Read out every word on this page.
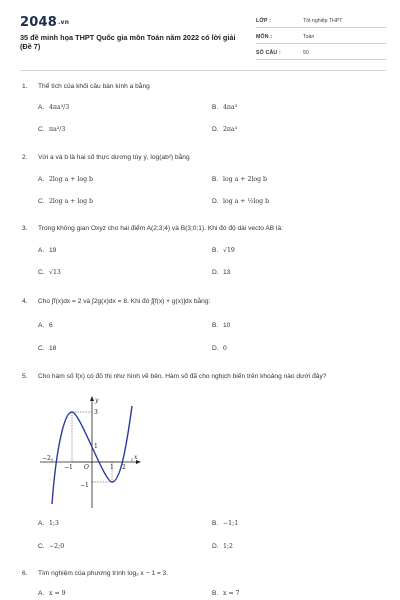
2048.vn
35 đề minh họa THPT Quốc gia môn Toán năm 2022 có lời giải (Đề 7)
LỚP :	Tốt nghiệp THPT
MÔN :	Toán
SỐ CÂU :	50
1. Thể tích của khối cầu bán kính a bằng
A. 4πa³/3	B. 4πa³
C. πa³/3	D. 2πa³
2. Với a và b là hai số thực dương tùy ý, log(ab²) bằng
A. 2log a + log b	B. log a + 2log b
C. 2log a + log b	D. log a + ½log b
3. Trong không gian Oxyz cho hai điểm A(2;3;4) và B(3;0;1). Khi đó độ dài vecto AB là:
A. 19	B. √19
C. √13	D. 13
4. Cho ∫f(x)dx = 2 và ∫2g(x)dx = 8. Khi đó ∫[f(x) + g(x)]dx bằng:
A. 6	B. 10
C. 18	D. 0
5. Cho hàm số f(x) có đồ thị như hình vẽ bên. Hàm số đã cho nghịch biến trên khoảng nào dưới đây?
y
x
O
−2
−1	1 2
3
1
−1
A. 1;3	B. −1;1
C. −2;0	D. 1;2
6. Tìm nghiệm của phương trình log₂ x − 1 = 3.
A. x = 9	B. x = 7
